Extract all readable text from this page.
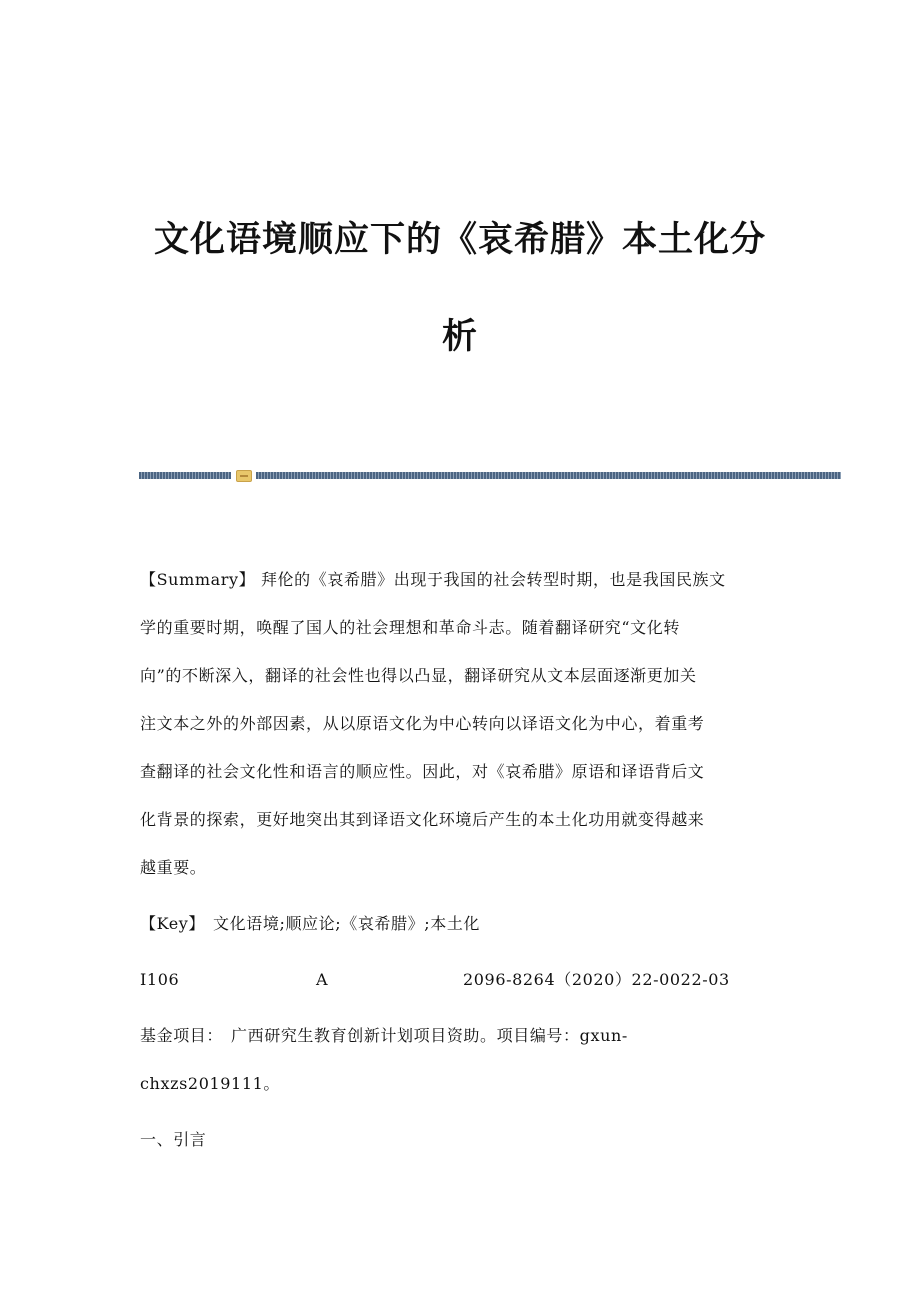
文化语境顺应下的《哀希腊》本土化分
析
【Summary】 拜伦的《哀希腊》出现于我国的社会转型时期，也是我国民族文
学的重要时期，唤醒了国人的社会理想和革命斗志。随着翻译研究“文化转
向”的不断深入，翻译的社会性也得以凸显，翻译研究从文本层面逐渐更加关
注文本之外的外部因素，从以原语文化为中心转向以译语文化为中心，着重考
查翻译的社会文化性和语言的顺应性。因此，对《哀希腊》原语和译语背后文
化背景的探索，更好地突出其到译语文化环境后产生的本土化功用就变得越来
越重要。
【Key】 文化语境;顺应论;《哀希腊》;本土化
I106	A	2096-8264（2020）22-0022-03
基金项目： 广西研究生教育创新计划项目资助。项目编号：gxun-
chxzs2019111。
一、引言
